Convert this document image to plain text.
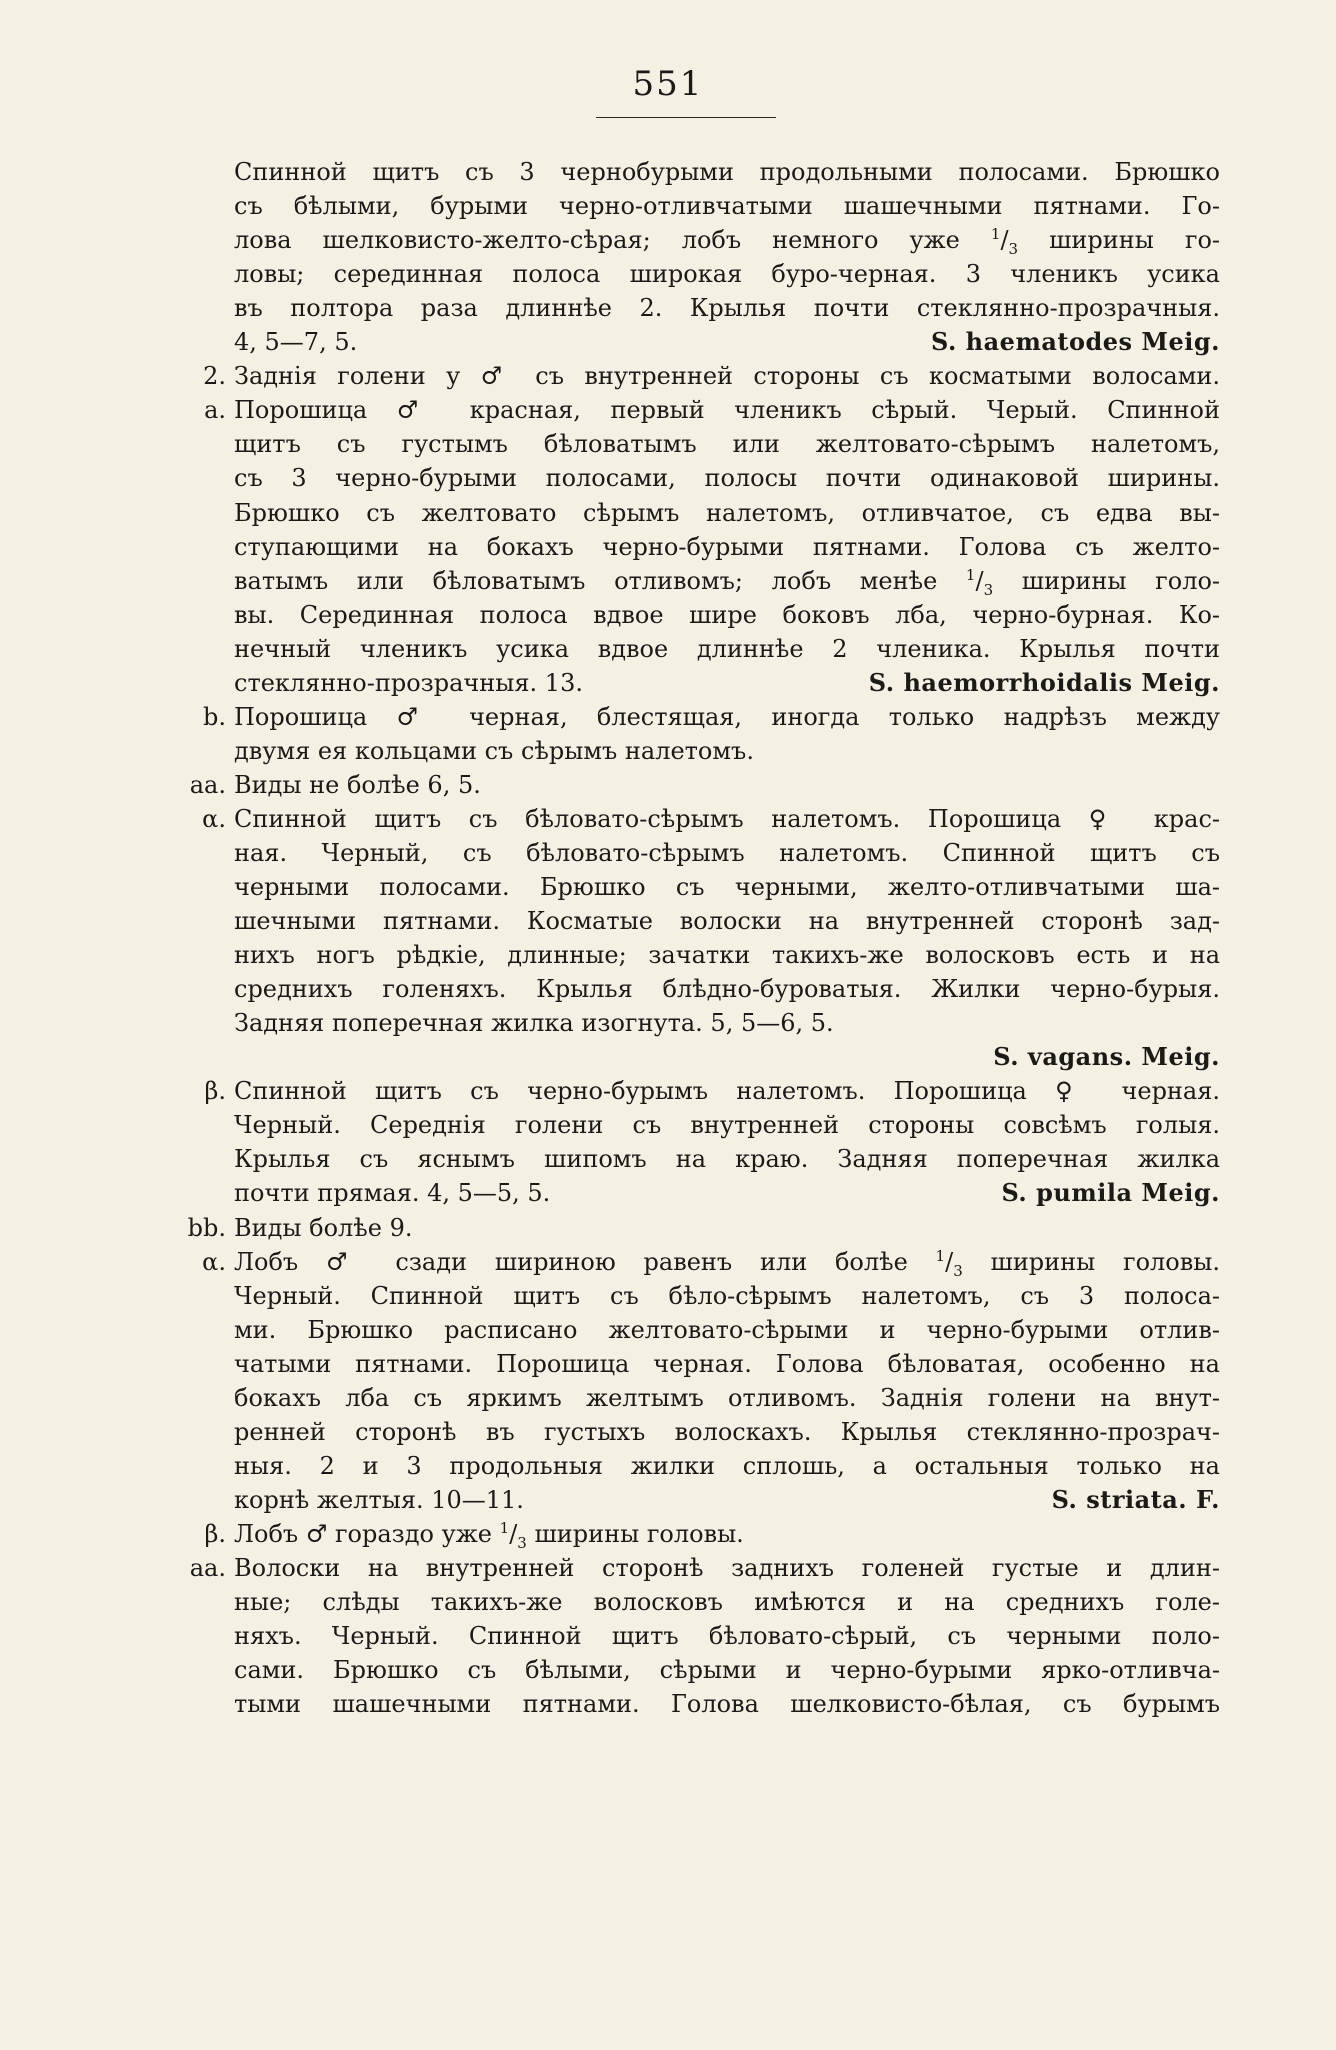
551
Спинной щитъ съ 3 чернобурыми продольными полосами. Брюшко
съ бѣлыми, бурыми черно-отливчатыми шашечными пятнами. Го-
лова шелковисто-желто-сѣрая; лобъ немного уже $^1/_3$ ширины го-
ловы; серединная полоса широкая буро-черная. 3 членикъ усика
въ полтора раза длиннѣе 2. Крылья почти стеклянно-прозрачныя.
4, 5—7, 5.	S. haematodes Meig.
2. Заднія голени у ♂ съ внутренней стороны съ косматыми волосами.
a. Порошица ♂ красная, первый членикъ сѣрый. Черый. Спинной
щитъ съ густымъ бѣловатымъ или желтовато-сѣрымъ налетомъ,
съ 3 черно-бурыми полосами, полосы почти одинаковой ширины.
Брюшко съ желтовато сѣрымъ налетомъ, отливчатое, съ едва вы-
ступающими на бокахъ черно-бурыми пятнами. Голова съ желто-
ватымъ или бѣловатымъ отливомъ; лобъ менѣе $^1/_3$ ширины голо-
вы. Серединная полоса вдвое шире боковъ лба, черно-бурная. Ко-
нечный членикъ усика вдвое длиннѣе 2 членика. Крылья почти
стеклянно-прозрачныя. 13.	S. haemorrhoidalis Meig.
b. Порошица ♂ черная, блестящая, иногда только надрѣзъ между
двумя ея кольцами съ сѣрымъ налетомъ.
aa. Виды не болѣе 6, 5.
α. Спинной щитъ съ бѣловато-сѣрымъ налетомъ. Порошица ♀ крас-
ная. Черный, съ бѣловато-сѣрымъ налетомъ. Спинной щитъ съ
черными полосами. Брюшко съ черными, желто-отливчатыми ша-
шечными пятнами. Косматые волоски на внутренней сторонѣ зад-
нихъ ногъ рѣдкіе, длинные; зачатки такихъ-же волосковъ есть и на
среднихъ голеняхъ. Крылья блѣдно-буроватыя. Жилки черно-бурыя.
Задняя поперечная жилка изогнута. 5, 5—6, 5.
S. vagans. Meig.
β. Спинной щитъ съ черно-бурымъ налетомъ. Порошица ♀ черная.
Черный. Середнія голени съ внутренней стороны совсѣмъ голыя.
Крылья съ яснымъ шипомъ на краю. Задняя поперечная жилка
почти прямая. 4, 5—5, 5.	S. pumila Meig.
bb. Виды болѣе 9.
α. Лобъ ♂ сзади шириною равенъ или болѣе $^1/_3$ ширины головы.
Черный. Спинной щитъ съ бѣло-сѣрымъ налетомъ, съ 3 полоса-
ми. Брюшко расписано желтовато-сѣрыми и черно-бурыми отлив-
чатыми пятнами. Порошица черная. Голова бѣловатая, особенно на
бокахъ лба съ яркимъ желтымъ отливомъ. Заднія голени на внут-
ренней сторонѣ въ густыхъ волоскахъ. Крылья стеклянно-прозрач-
ныя. 2 и 3 продольныя жилки сплошь, а остальныя только на
корнѣ желтыя. 10—11.	S. striata. F.
β. Лобъ ♂ гораздо уже $^1/_3$ ширины головы.
aa. Волоски на внутренней сторонѣ заднихъ голеней густые и длин-
ные; слѣды такихъ-же волосковъ имѣются и на среднихъ голе-
няхъ. Черный. Спинной щитъ бѣловато-сѣрый, съ черными поло-
сами. Брюшко съ бѣлыми, сѣрыми и черно-бурыми ярко-отливча-
тыми шашечными пятнами. Голова шелковисто-бѣлая, съ бурымъ
